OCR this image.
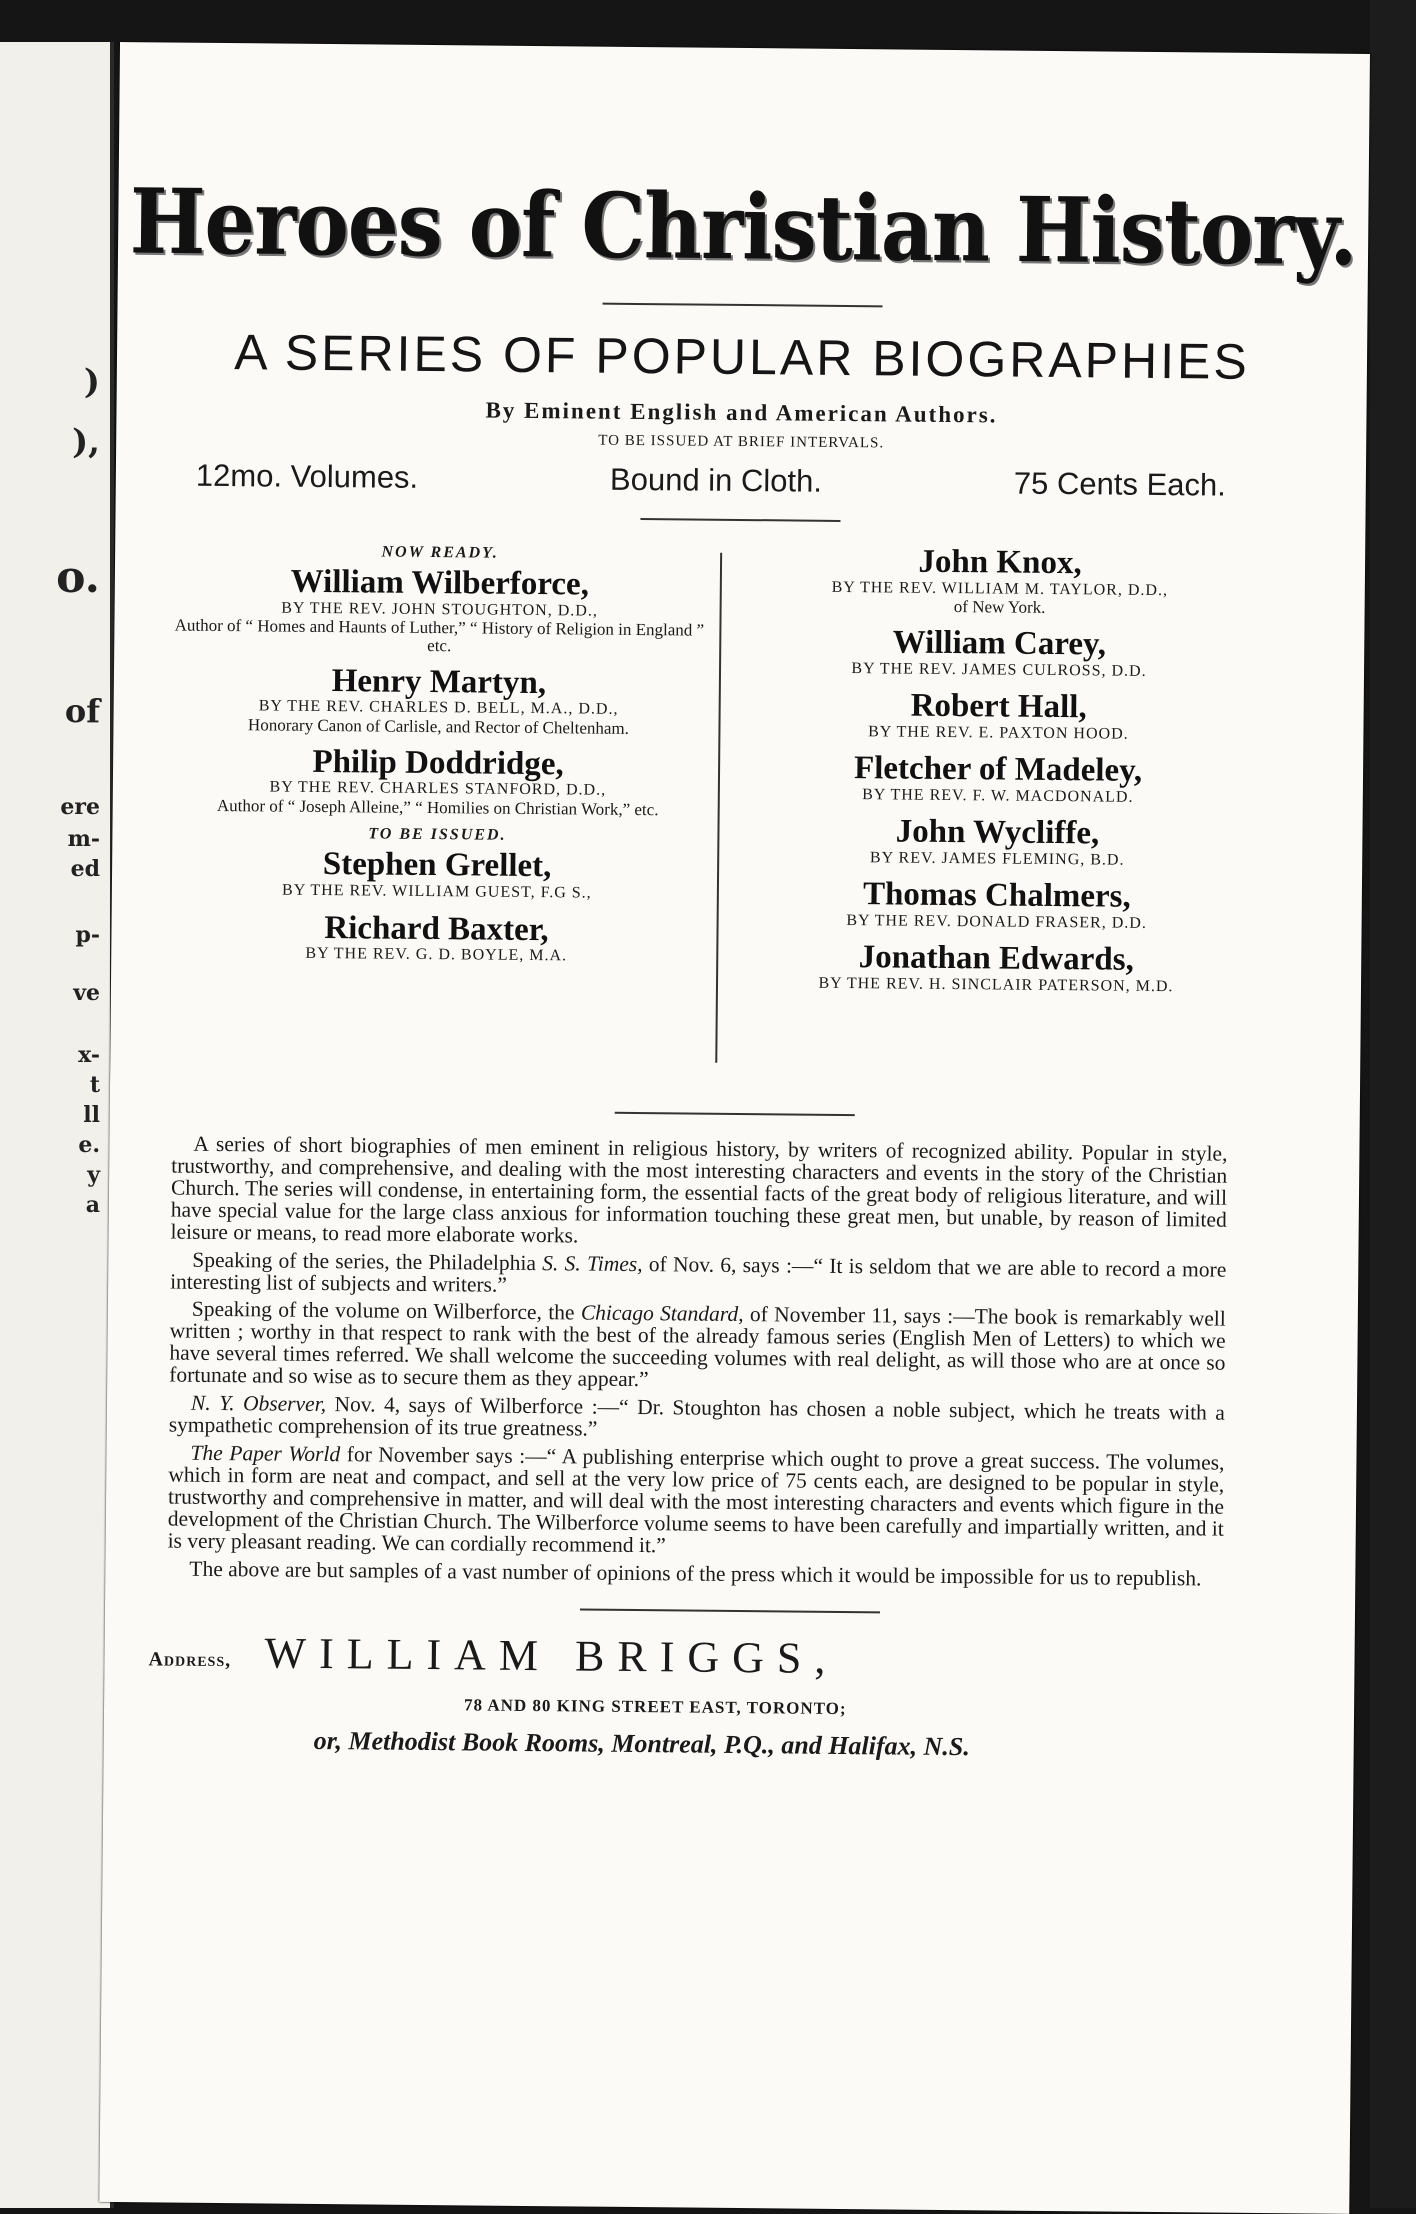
)
),
o.
of
ere
m-
ed
p-
ve
x-
t
ll
e.
y
a
Heroes of Christian History.
A SERIES OF POPULAR BIOGRAPHIES
By Eminent English and American Authors.
TO BE ISSUED AT BRIEF INTERVALS.
12mo. Volumes.	Bound in Cloth.	75 Cents Each.
NOW READY.
William Wilberforce,
BY THE REV. JOHN STOUGHTON, D.D.,
Author of “ Homes and Haunts of Luther,” “ History of Religion in England ” etc.
Henry Martyn,
BY THE REV. CHARLES D. BELL, M.A., D.D.,
Honorary Canon of Carlisle, and Rector of Cheltenham.
Philip Doddridge,
BY THE REV. CHARLES STANFORD, D.D.,
Author of “ Joseph Alleine,” “ Homilies on Christian Work,” etc.
TO BE ISSUED.
Stephen Grellet,
BY THE REV. WILLIAM GUEST, F.G S.,
Richard Baxter,
BY THE REV. G. D. BOYLE, M.A.
John Knox,
BY THE REV. WILLIAM M. TAYLOR, D.D.,
of New York.
William Carey,
BY THE REV. JAMES CULROSS, D.D.
Robert Hall,
BY THE REV. E. PAXTON HOOD.
Fletcher of Madeley,
BY THE REV. F. W. MACDONALD.
John Wycliffe,
BY REV. JAMES FLEMING, B.D.
Thomas Chalmers,
BY THE REV. DONALD FRASER, D.D.
Jonathan Edwards,
BY THE REV. H. SINCLAIR PATERSON, M.D.

A series of short biographies of men eminent in religious history, by writers of recognized ability. Popular in style, trustworthy, and comprehensive, and dealing with the most interesting characters and events in the story of the Christian Church. The series will condense, in entertaining form, the essential facts of the great body of religious literature, and will have special value for the large class anxious for information touching these great men, but unable, by reason of limited leisure or means, to read more elaborate works.

Speaking of the series, the Philadelphia S. S. Times, of Nov. 6, says :—“ It is seldom that we are able to record a more interesting list of subjects and writers.”

Speaking of the volume on Wilberforce, the Chicago Standard, of November 11, says :—The book is remarkably well written ; worthy in that respect to rank with the best of the already famous series (English Men of Letters) to which we have several times referred. We shall welcome the succeeding volumes with real delight, as will those who are at once so fortunate and so wise as to secure them as they appear.”

N. Y. Observer, Nov. 4, says of Wilberforce :—“ Dr. Stoughton has chosen a noble subject, which he treats with a sympathetic comprehension of its true greatness.”

The Paper World for November says :—“ A publishing enterprise which ought to prove a great success. The volumes, which in form are neat and compact, and sell at the very low price of 75 cents each, are designed to be popular in style, trustworthy and comprehensive in matter, and will deal with the most interesting characters and events which figure in the development of the Christian Church. The Wilberforce volume seems to have been carefully and impartially written, and it is very pleasant reading. We can cordially recommend it.”

The above are but samples of a vast number of opinions of the press which it would be impossible for us to republish.

Address, WILLIAM BRIGGS,
78 AND 80 KING STREET EAST, TORONTO;
or, Methodist Book Rooms, Montreal, P.Q., and Halifax, N.S.
